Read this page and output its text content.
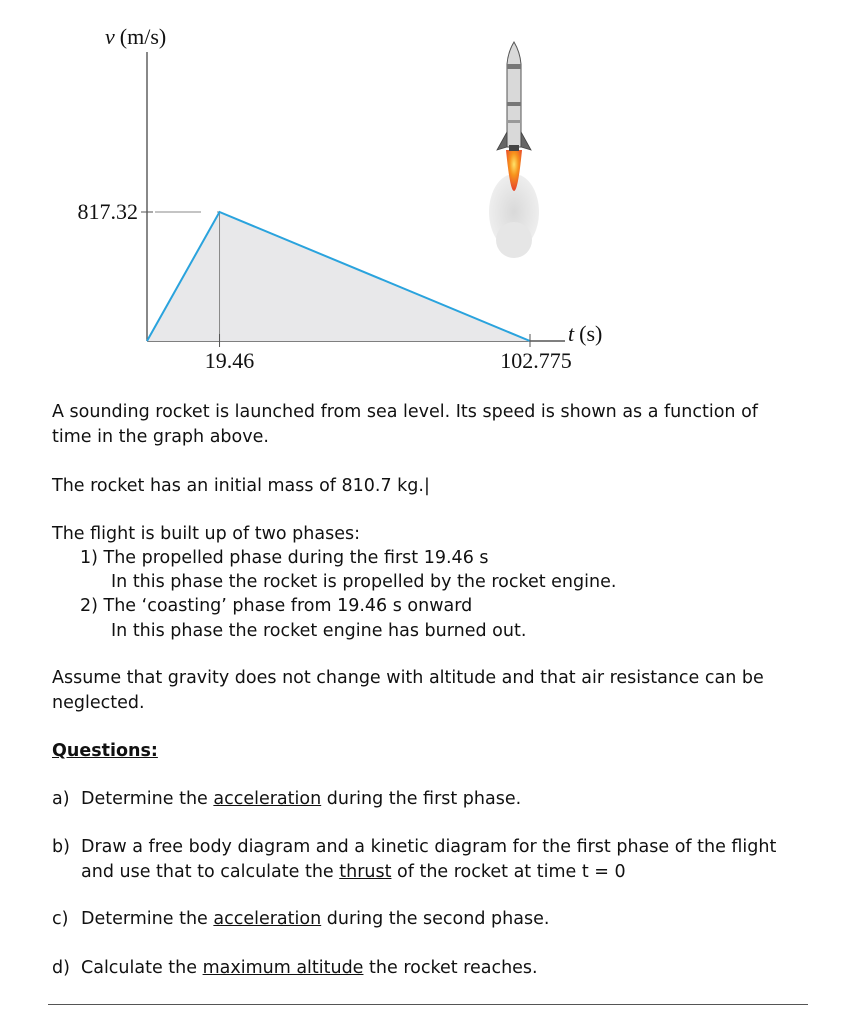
v (m/s)
t (s)
817.32
19.46	102.775
A sounding rocket is launched from sea level. Its speed is shown as a function of
time in the graph above.
The rocket has an initial mass of 810.7 kg.|
The flight is built up of two phases:
1) The propelled phase during the first 19.46 s
In this phase the rocket is propelled by the rocket engine.
2) The ‘coasting’ phase from 19.46 s onward
In this phase the rocket engine has burned out.
Assume that gravity does not change with altitude and that air resistance can be
neglected.
Questions:
a) Determine the acceleration during the first phase.
b) Draw a free body diagram and a kinetic diagram for the first phase of the flight
and use that to calculate the thrust of the rocket at time t = 0
c) Determine the acceleration during the second phase.
d) Calculate the maximum altitude the rocket reaches.
